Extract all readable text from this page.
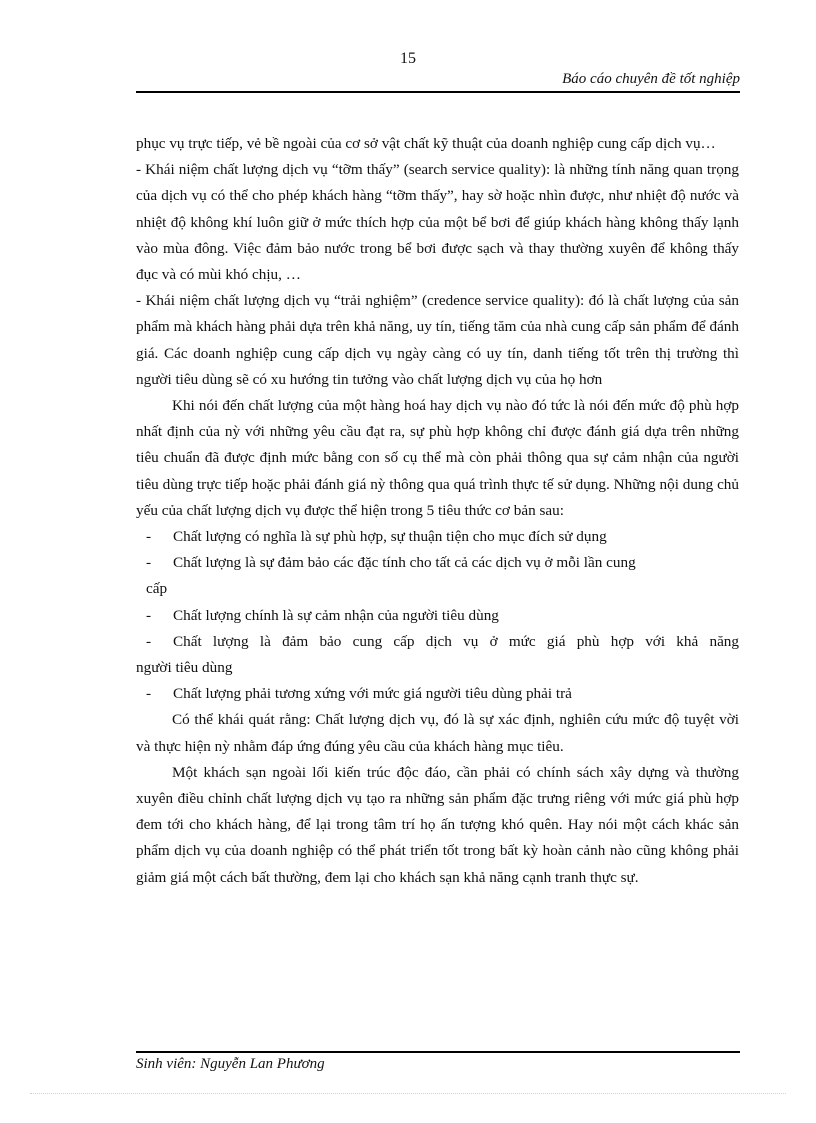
15
Báo cáo chuyên đề tốt nghiệp

phục vụ trực tiếp, vẻ bề ngoài của cơ sở vật chất kỹ thuật của doanh nghiệp cung cấp dịch vụ…

- Khái niệm chất lượng dịch vụ “tỡm thấy” (search service quality): là những tính năng quan trọng của dịch vụ có thể cho phép khách hàng “tỡm thấy”, hay sờ hoặc nhìn được, như nhiệt độ nước và nhiệt độ không khí luôn giữ ở mức thích hợp của một bể bơi để giúp khách hàng không thấy lạnh vào mùa đông. Việc đảm bảo nước trong bể bơi được sạch và thay thường xuyên để không thấy đục và có mùi khó chịu, …

- Khái niệm chất lượng dịch vụ “trải nghiệm” (credence service quality): đó là chất lượng của sản phẩm mà khách hàng phải dựa trên khả năng, uy tín, tiếng tăm của nhà cung cấp sản phẩm để đánh giá. Các doanh nghiệp cung cấp dịch vụ ngày càng có uy tín, danh tiếng tốt trên thị trường thì người tiêu dùng sẽ có xu hướng tin tưởng vào chất lượng dịch vụ của họ hơn

Khi nói đến chất lượng của một hàng hoá hay dịch vụ nào đó tức là nói đến mức độ phù hợp nhất định của nỳ với những yêu cầu đạt ra, sự phù hợp không chỉ được đánh giá dựa trên những tiêu chuẩn đã được định mức bằng con số cụ thể mà còn phải thông qua sự cảm nhận của người tiêu dùng trực tiếp hoặc phải đánh giá nỳ thông qua quá trình thực tế sử dụng. Những nội dung chủ yếu của chất lượng dịch vụ được thể hiện trong 5 tiêu thức cơ bản sau:

-	Chất lượng có nghĩa là sự phù hợp, sự thuận tiện cho mục đích sử dụng
-	Chất lượng là sự đảm bảo các đặc tính cho tất cả các dịch vụ ở mỗi lần cung
cấp
-	Chất lượng chính là sự cảm nhận của người tiêu dùng
-	Chất lượng là đảm bảo cung cấp dịch vụ ở mức giá phù hợp với khả năng
người tiêu dùng
-	Chất lượng phải tương xứng với mức giá người tiêu dùng phải trả

Có thể khái quát rằng: Chất lượng dịch vụ, đó là sự xác định, nghiên cứu mức độ tuyệt vời và thực hiện nỳ nhằm đáp ứng đúng yêu cầu của khách hàng mục tiêu.

Một khách sạn ngoài lối kiến trúc độc đáo, cần phải có chính sách xây dựng và thường xuyên điều chỉnh chất lượng dịch vụ tạo ra những sản phẩm đặc trưng riêng với mức giá phù hợp đem tới cho khách hàng, để lại trong tâm trí họ ấn tượng khó quên. Hay nói một cách khác sản phẩm dịch vụ của doanh nghiệp có thể phát triển tốt trong bất kỳ hoàn cảnh nào cũng không phải giảm giá một cách bất thường, đem lại cho khách sạn khả năng cạnh tranh thực sự.

Sinh viên: Nguyễn Lan Phương
